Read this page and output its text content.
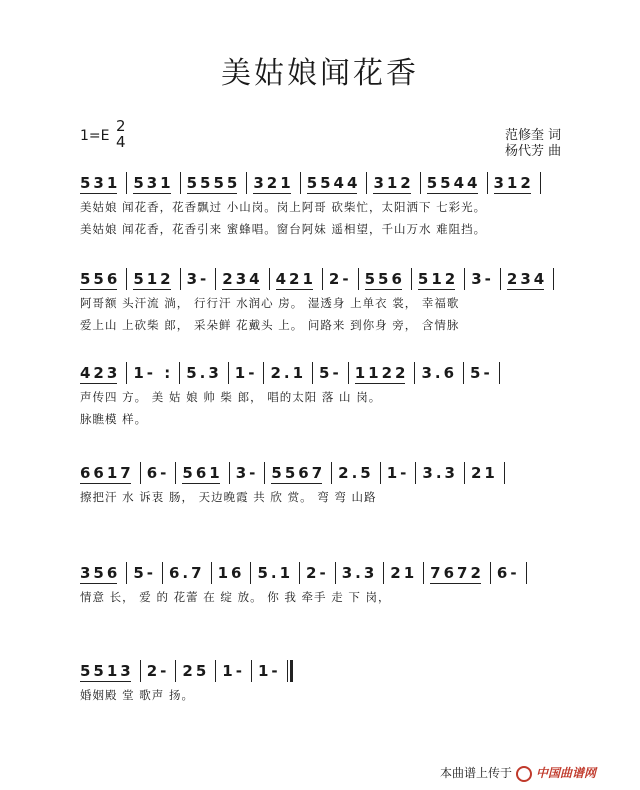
美姑娘闻花香
1=E
2
4	范修奎 词
杨代芳 曲
531 531 5555 321 5544 312 5544 312
美姑娘 闻花香，花香飘过 小山岗。岗上阿哥 砍柴忙，太阳洒下 七彩光。
美姑娘 闻花香，花香引来 蜜蜂唱。窗台阿妹 遥相望，千山万水 难阻挡。
556 512 3- 234 421 2- 556 512 3- 234
阿哥额 头汗流 淌， 行行汗 水润心 房。 湿透身 上单衣 裳， 幸福歌
爱上山 上砍柴 郎， 采朵鲜 花戴头 上。 问路来 到你身 旁， 含情脉
423 1- : 5.3 1- 2.1 5- 1122 3.6 5-
声传四 方。 美 姑 娘 帅 柴 郎， 唱的太阳 落 山 岗。
脉瞧模 样。
6617 6- 561 3- 5567 2.5 1- 3.3 21
擦把汗 水 诉衷 肠， 天边晚霞 共 欣 赏。 弯 弯 山路
356 5- 6.7 16 5.1 2- 3.3 21 7672 6-
情意 长， 爱 的 花蕾 在 绽 放。 你 我 牵手 走 下 岗，
5513 2- 25 1- 1-
婚姻殿 堂 歌声 扬。
本曲谱上传于 中国曲谱网
